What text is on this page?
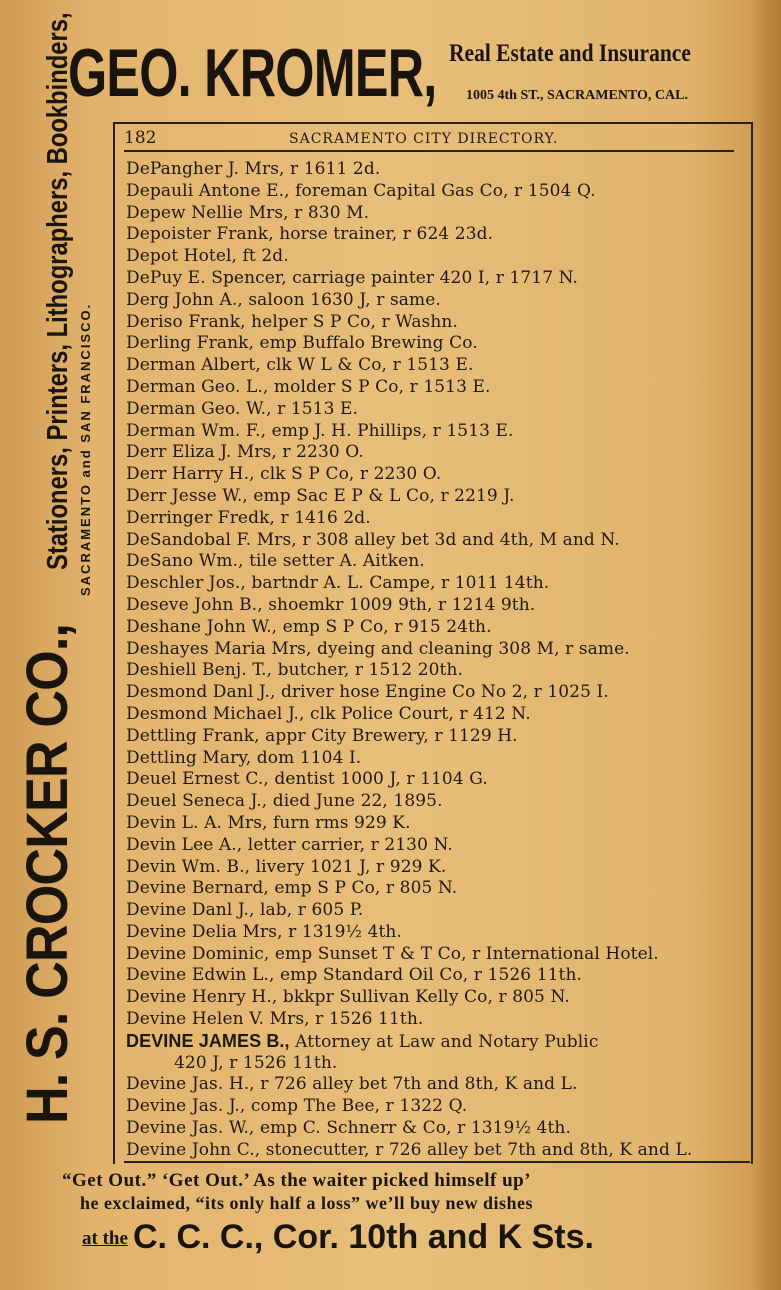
GEO. KROMER, Real Estate and Insurance
1005 4th ST., SACRAMENTO, CAL.
H. S. CROCKER CO., Stationers, Printers, Lithographers, Bookbinders, SACRAMENTO and SAN FRANCISCO.
182	SACRAMENTO CITY DIRECTORY.
DePangher J. Mrs, r 1611 2d.
Depauli Antone E., foreman Capital Gas Co, r 1504 Q.
Depew Nellie Mrs, r 830 M.
Depoister Frank, horse trainer, r 624 23d.
Depot Hotel, ft 2d.
DePuy E. Spencer, carriage painter 420 I, r 1717 N.
Derg John A., saloon 1630 J, r same.
Deriso Frank, helper S P Co, r Washn.
Derling Frank, emp Buffalo Brewing Co.
Derman Albert, clk W L & Co, r 1513 E.
Derman Geo. L., molder S P Co, r 1513 E.
Derman Geo. W., r 1513 E.
Derman Wm. F., emp J. H. Phillips, r 1513 E.
Derr Eliza J. Mrs, r 2230 O.
Derr Harry H., clk S P Co, r 2230 O.
Derr Jesse W., emp Sac E P & L Co, r 2219 J.
Derringer Fredk, r 1416 2d.
DeSandobal F. Mrs, r 308 alley bet 3d and 4th, M and N.
DeSano Wm., tile setter A. Aitken.
Deschler Jos., bartndr A. L. Campe, r 1011 14th.
Deseve John B., shoemkr 1009 9th, r 1214 9th.
Deshane John W., emp S P Co, r 915 24th.
Deshayes Maria Mrs, dyeing and cleaning 308 M, r same.
Deshiell Benj. T., butcher, r 1512 20th.
Desmond Danl J., driver hose Engine Co No 2, r 1025 I.
Desmond Michael J., clk Police Court, r 412 N.
Dettling Frank, appr City Brewery, r 1129 H.
Dettling Mary, dom 1104 I.
Deuel Ernest C., dentist 1000 J, r 1104 G.
Deuel Seneca J., died June 22, 1895.
Devin L. A. Mrs, furn rms 929 K.
Devin Lee A., letter carrier, r 2130 N.
Devin Wm. B., livery 1021 J, r 929 K.
Devine Bernard, emp S P Co, r 805 N.
Devine Danl J., lab, r 605 P.
Devine Delia Mrs, r 1319½ 4th.
Devine Dominic, emp Sunset T & T Co, r International Hotel.
Devine Edwin L., emp Standard Oil Co, r 1526 11th.
Devine Henry H., bkkpr Sullivan Kelly Co, r 805 N.
Devine Helen V. Mrs, r 1526 11th.
DEVINE JAMES B., Attorney at Law and Notary Public
420 J, r 1526 11th.
Devine Jas. H., r 726 alley bet 7th and 8th, K and L.
Devine Jas. J., comp The Bee, r 1322 Q.
Devine Jas. W., emp C. Schnerr & Co, r 1319½ 4th.
Devine John C., stonecutter, r 726 alley bet 7th and 8th, K and L.
“Get Out.” ‘Get Out.’ As the waiter picked himself up’
he exclaimed, “its only half a loss” we’ll buy new dishes
at the C. C. C., Cor. 10th and K Sts.
